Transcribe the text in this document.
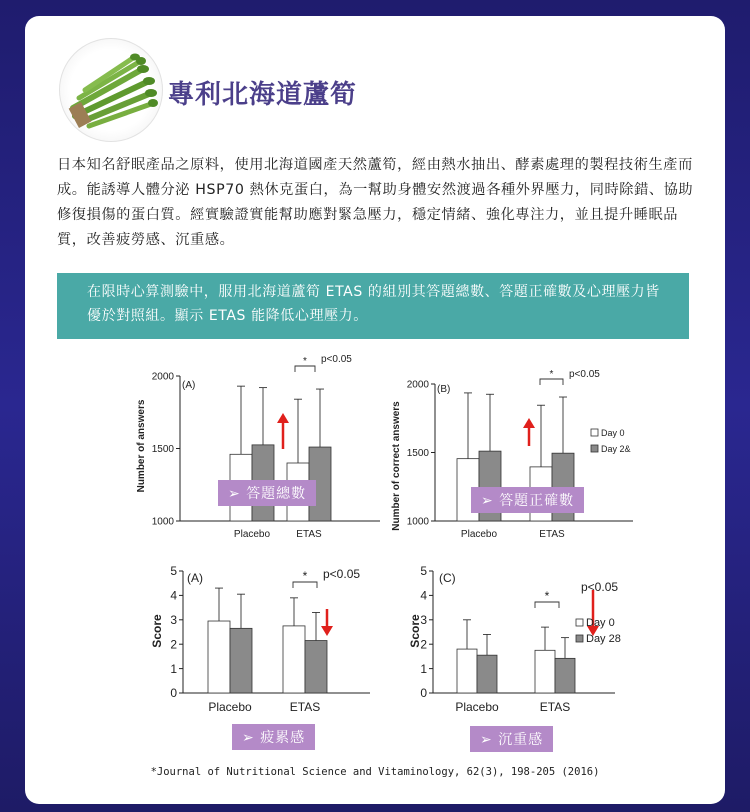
專利北海道蘆筍
日本知名舒眠產品之原料，使用北海道國產天然蘆筍，經由熱水抽出、酵素處理的製程技術生產而成。能誘導人體分泌 HSP70 熱休克蛋白，為一幫助身體安然渡過各種外界壓力，同時除錯、協助修復損傷的蛋白質。經實驗證實能幫助應對緊急壓力，穩定情緒、強化專注力，並且提升睡眠品質，改善疲勞感、沉重感。
在限時心算測驗中，服用北海道蘆筍 ETAS 的組別其答題總數、答題正確數及心理壓力皆優於對照組。顯示 ETAS 能降低心理壓力。
1000
1500
2000
Number of answers
(A)
Placebo	ETAS
* p<0.05
1000
1500
2000
Number of correct answers
(B)
Placebo	ETAS
* p<0.05
Day 0
Day 2&
0
1
2
3
4
5
Score
(A)
Placebo	ETAS
* p<0.05
0
1
2
3
4
5
Score
(C)
Placebo	ETAS
*
p<0.05
Day 0
Day 28
➢ 答題總數	➢ 答題正確數
➢ 疲累感	➢ 沉重感
*Journal of Nutritional Science and Vitaminology, 62(3), 198-205 (2016)
